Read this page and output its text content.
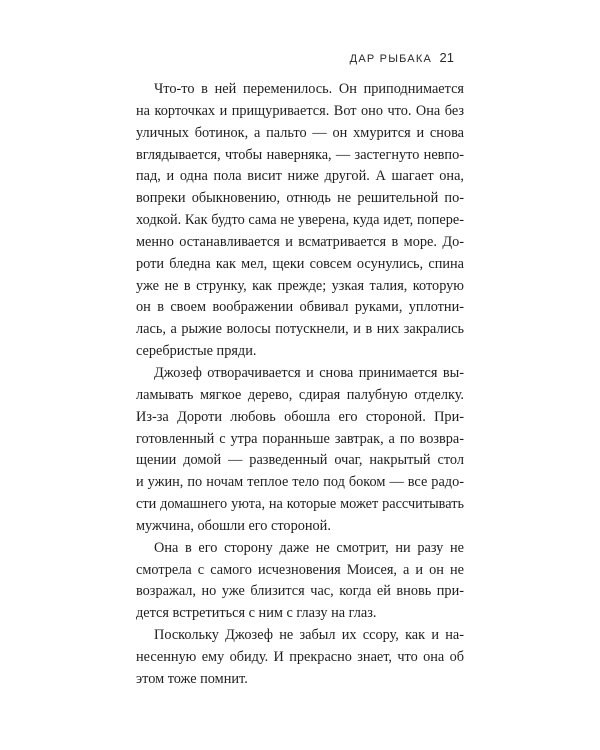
ДАР РЫБАКА 21
Что-то в ней переменилось. Он приподнимается
на корточках и прищуривается. Вот оно что. Она без
уличных ботинок, а пальто — он хмурится и снова
вглядывается, чтобы наверняка, — застегнуто невпо-
пад, и одна пола висит ниже другой. А шагает она,
вопреки обыкновению, отнюдь не решительной по-
ходкой. Как будто сама не уверена, куда идет, попере-
менно останавливается и всматривается в море. До-
роти бледна как мел, щеки совсем осунулись, спина
уже не в струнку, как прежде; узкая талия, которую
он в своем воображении обвивал руками, уплотни-
лась, а рыжие волосы потускнели, и в них закрались
серебристые пряди.
Джозеф отворачивается и снова принимается вы-
ламывать мягкое дерево, сдирая палубную отделку.
Из-за Дороти любовь обошла его стороной. При-
готовленный с утра поранньше завтрак, а по возвра-
щении домой — разведенный очаг, накрытый стол
и ужин, по ночам теплое тело под боком — все радо-
сти домашнего уюта, на которые может рассчитывать
мужчина, обошли его стороной.
Она в его сторону даже не смотрит, ни разу не
смотрела с самого исчезновения Моисея, а и он не
возражал, но уже близится час, когда ей вновь при-
дется встретиться с ним с глазу на глаз.
Поскольку Джозеф не забыл их ссору, как и на-
несенную ему обиду. И прекрасно знает, что она об
этом тоже помнит.
